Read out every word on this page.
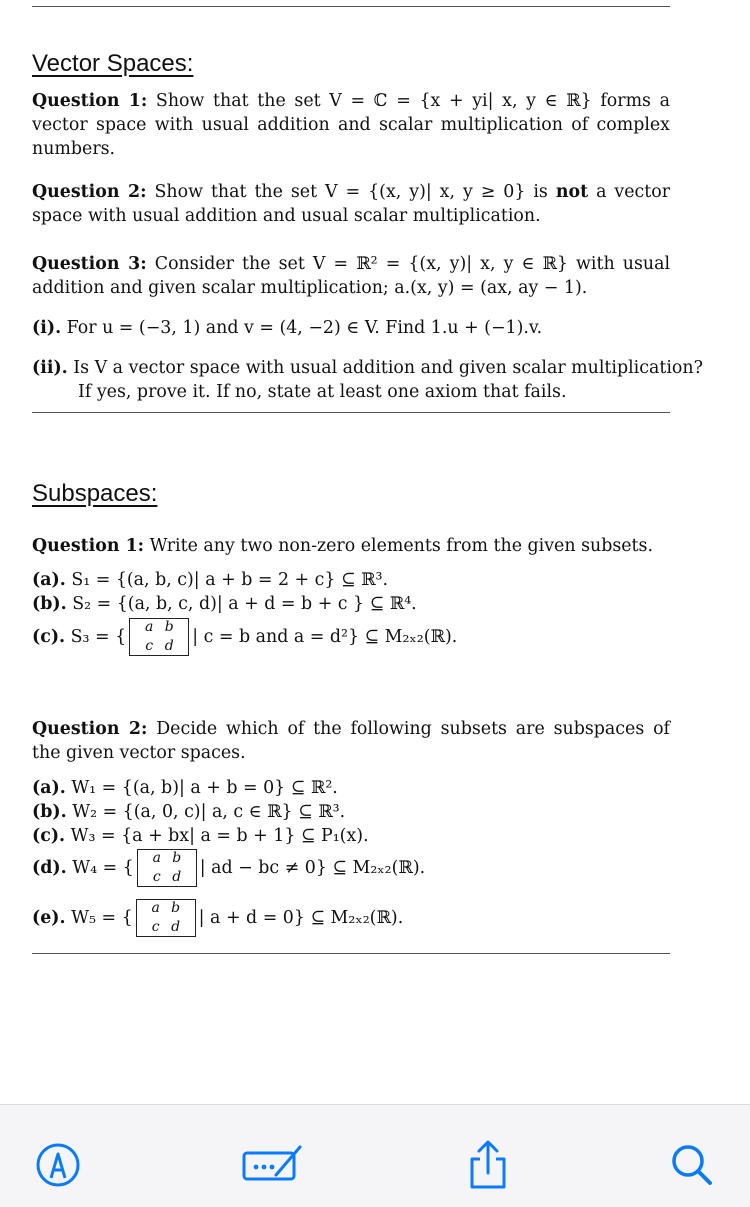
Vector Spaces:
Question 1: Show that the set V = ℂ = {x + yi| x, y ∈ ℝ} forms a vector space with usual addition and scalar multiplication of complex numbers.
Question 2: Show that the set V = {(x, y)| x, y ≥ 0} is not a vector space with usual addition and usual scalar multiplication.
Question 3: Consider the set V = ℝ² = {(x, y)| x, y ∈ ℝ} with usual addition and given scalar multiplication; a.(x, y) = (ax, ay − 1).
(i). For u = (−3, 1) and v = (4, −2) ∈ V. Find 1.u + (−1).v.
(ii). Is V a vector space with usual addition and given scalar multiplication?
If yes, prove it. If no, state at least one axiom that fails.
Subspaces:
Question 1: Write any two non-zero elements from the given subsets.
(a). S₁ = {(a, b, c)| a + b = 2 + c} ⊆ ℝ³.
(b). S₂ = {(a, b, c, d)| a + d = b + c } ⊆ ℝ⁴.
(c).
S₃ = {	a b
c d	| c = b and a = d²} ⊆ M₂ₓ₂(ℝ).
Question 2: Decide which of the following subsets are subspaces of the given vector spaces.
(a). W₁ = {(a, b)| a + b = 0} ⊆ ℝ².
(b). W₂ = {(a, 0, c)| a, c ∈ ℝ} ⊆ ℝ³.
(c). W₃ = {a + bx| a = b + 1} ⊆ P₁(x).
(d).
W₄ = {	a b
c d	| ad − bc ≠ 0} ⊆ M₂ₓ₂(ℝ).
(e).
W₅ = {	a b
c d	| a + d = 0} ⊆ M₂ₓ₂(ℝ).
